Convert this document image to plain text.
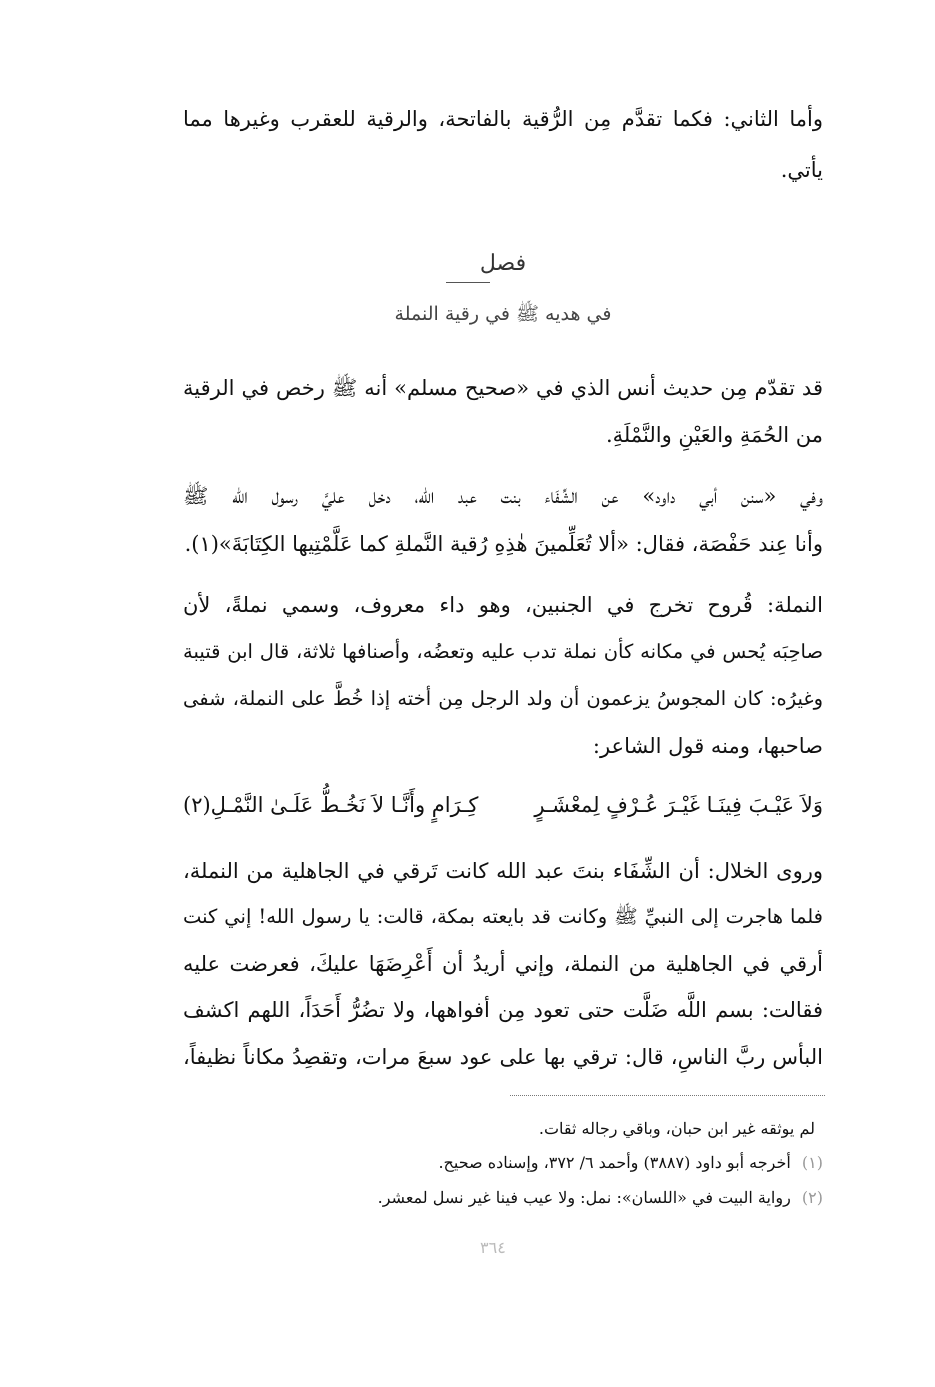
وأما الثاني: فكما تقدَّم مِن الرُّقية بالفاتحة، والرقية للعقرب وغيرها مما
يأتي.
فصل
في هديه ﷺ في رقية النملة
قد تقدّم مِن حديث أنس الذي في «صحيح مسلم» أنه ﷺ رخص في الرقية
من الحُمَةِ والعَيْنِ والنَّمْلَةِ.
وفي «سنن أبي داود» عن الشِّفَاء بنت عبد الله، دخل عليَّ رسول الله ﷺ
وأنا عِند حَفْصَة، فقال: «ألا تُعَلِّمينَ هٰذِهِ رُقية النَّملةِ كما عَلَّمْتِيها الكِتَابَةَ»(١).
النملة: قُروح تخرج في الجنبين، وهو داء معروف، وسمي نملةً، لأن
صاحِبَه يُحس في مكانه كأن نملة تدب عليه وتعضُه، وأصنافها ثلاثة، قال ابن قتيبة
وغيرُه: كان المجوسُ يزعمون أن ولد الرجل مِن أخته إذا خُطَّ على النملة، شفى
صاحبها، ومنه قول الشاعر:
وَلاَ عَيْـبَ فِينَـا غَيْـرَ عُـرْفٍ لِمعْشَـرٍ
كِـرَامٍ وأَنَّـا لاَ نَخُـطُّ عَلَـىٰ النَّمْـلِ(٢)
وروى الخلال: أن الشِّفَاء بنتَ عبد الله كانت تَرقي في الجاهلية من النملة،
فلما هاجرت إلى النبيِّ ﷺ وكانت قد بايعته بمكة، قالت: يا رسول الله! إني كنت
أرقي في الجاهلية من النملة، وإني أريدُ أن أَعْرِضَهَا عليكَ، فعرضت عليه
فقالت: بسم اللَّه ضَلَّت حتى تعود مِن أفواهها، ولا تضُرُّ أَحَدَاً، اللهم اكشف
البأس ربَّ الناسِ، قال: ترقي بها على عود سبعَ مرات، وتقصِدُ مكاناً نظيفاً،
لم يوثقه غير ابن حبان، وباقي رجاله ثقات.
(١) أخرجه أبو داود (٣٨٨٧) وأحمد ٦/ ٣٧٢، وإسناده صحيح.
(٢) رواية البيت في «اللسان»: نمل: ولا عيب فينا غير نسل لمعشر.
٣٦٤
